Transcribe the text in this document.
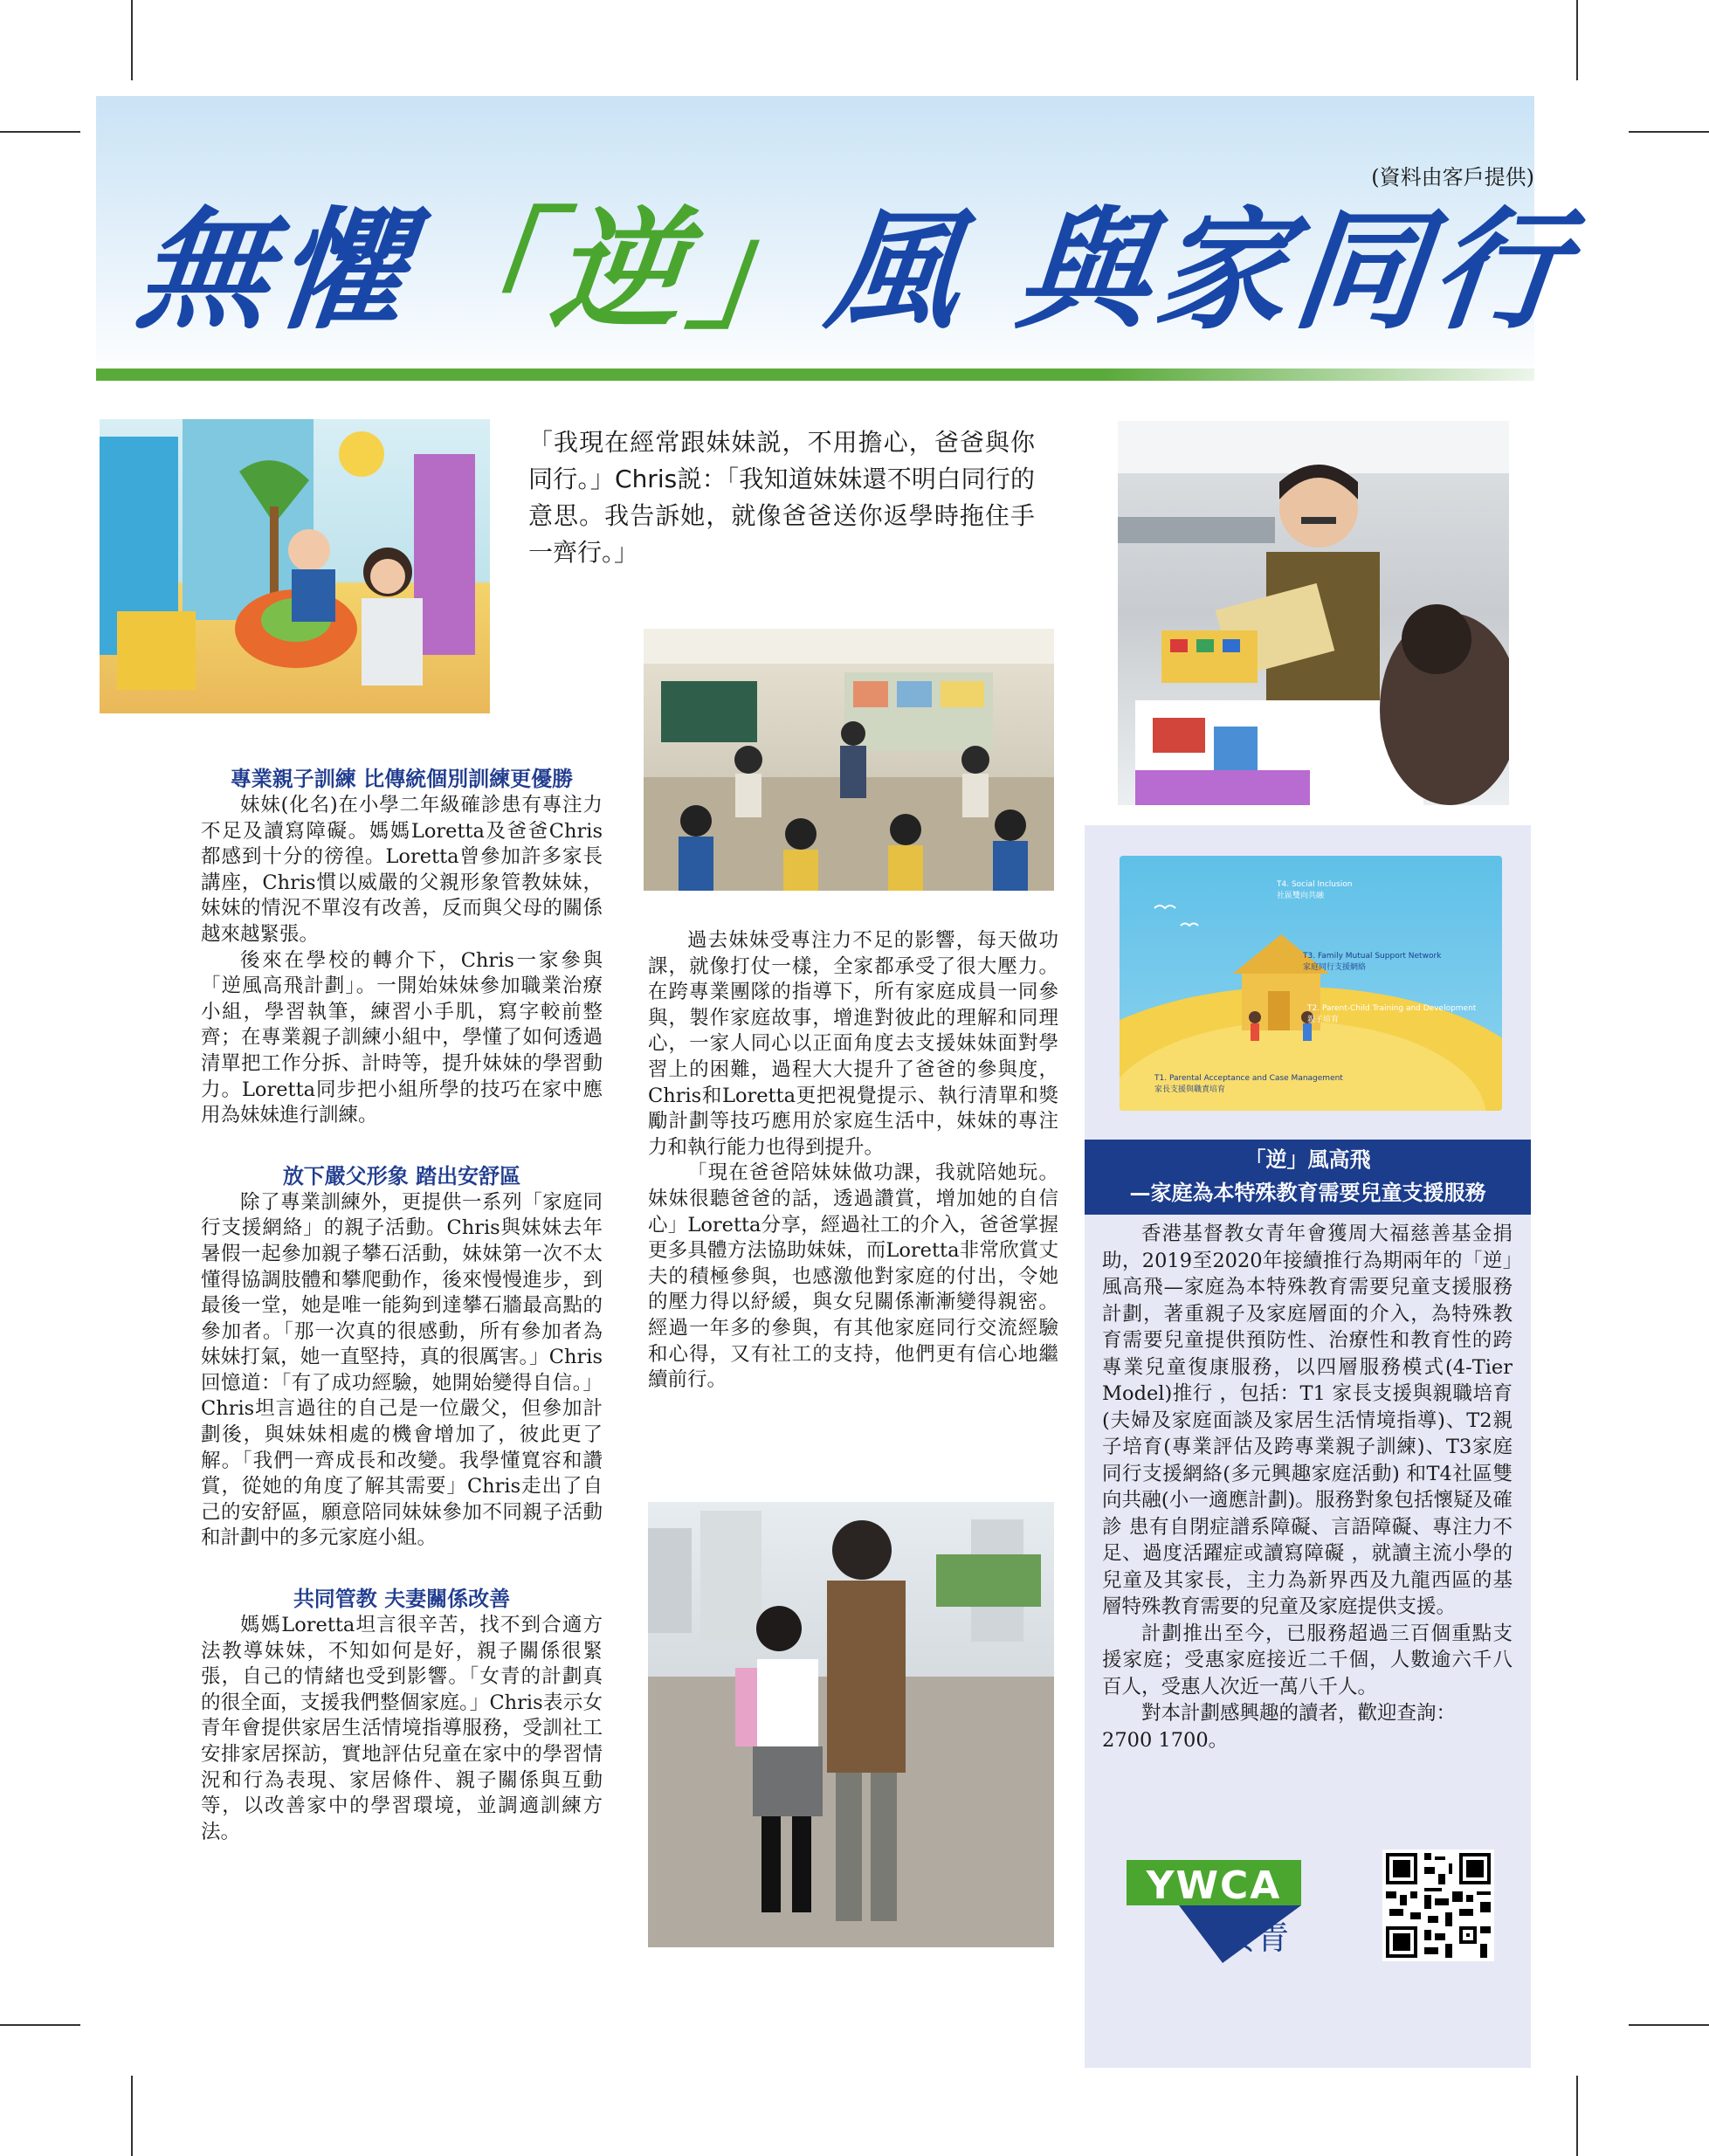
(資料由客戶提供)
無懼「逆」風 與家同行
「我現在經常跟妹妹説，不用擔心，爸爸與你同行。」Chris説：「我知道妹妹還不明白同行的意思。我告訴她，就像爸爸送你返學時拖住手一齊行。」
專業親子訓練 比傳統個別訓練更優勝

妹妹(化名)在小學二年級確診患有專注力不足及讀寫障礙。媽媽Loretta及爸爸Chris都感到十分的徬徨。Loretta曾參加許多家長講座，Chris慣以威嚴的父親形象管教妹妹，妹妹的情況不單沒有改善，反而與父母的關係越來越緊張。

後來在學校的轉介下，Chris一家參與「逆風高飛計劃」。一開始妹妹參加職業治療小組，學習執筆，練習小手肌，寫字較前整齊；在專業親子訓練小組中，學懂了如何透過清單把工作分拆、計時等，提升妹妹的學習動力。Loretta同步把小組所學的技巧在家中應用為妹妹進行訓練。

放下嚴父形象 踏出安舒區

除了專業訓練外，更提供一系列「家庭同行支援網絡」的親子活動。Chris與妹妹去年暑假一起參加親子攀石活動，妹妹第一次不太懂得協調肢體和攀爬動作，後來慢慢進步，到最後一堂，她是唯一能夠到達攀石牆最高點的參加者。「那一次真的很感動，所有參加者為妹妹打氣，她一直堅持，真的很厲害。」Chris回憶道：「有了成功經驗，她開始變得自信。」Chris坦言過往的自己是一位嚴父，但參加計劃後，與妹妹相處的機會增加了，彼此更了解。「我們一齊成長和改變。我學懂寬容和讚賞，從她的角度了解其需要」Chris走出了自己的安舒區，願意陪同妹妹參加不同親子活動和計劃中的多元家庭小組。

共同管教 夫妻關係改善

媽媽Loretta坦言很辛苦，找不到合適方法教導妹妹，不知如何是好，親子關係很緊張，自己的情緒也受到影響。「女青的計劃真的很全面，支援我們整個家庭。」Chris表示女青年會提供家居生活情境指導服務，受訓社工安排家居探訪，實地評估兒童在家中的學習情況和行為表現、家居條件、親子關係與互動等，以改善家中的學習環境，並調適訓練方法。

過去妹妹受專注力不足的影響，每天做功課，就像打仗一樣，全家都承受了很大壓力。在跨專業團隊的指導下，所有家庭成員一同參與，製作家庭故事，增進對彼此的理解和同理心，一家人同心以正面角度去支援妹妹面對學習上的困難，過程大大提升了爸爸的參與度，Chris和Loretta更把視覺提示、執行清單和獎勵計劃等技巧應用於家庭生活中，妹妹的專注力和執行能力也得到提升。

「現在爸爸陪妹妹做功課，我就陪她玩。妹妹很聽爸爸的話，透過讚賞，增加她的自信心」Loretta分享，經過社工的介入，爸爸掌握更多具體方法協助妹妹，而Loretta非常欣賞丈夫的積極參與，也感激他對家庭的付出，令她的壓力得以紓緩，與女兒關係漸漸變得親密。經過一年多的參與，有其他家庭同行交流經驗和心得，又有社工的支持，他們更有信心地繼續前行。

T4. Social Inclusion
社區雙向共融
T3. Family Mutual Support Network
家庭同行支援網絡
T2. Parent-Child Training and Development
親子培育
T1. Parental Acceptance and Case Management
家長支援與職責培育
「逆」風高飛
—家庭為本特殊教育需要兒童支援服務

香港基督教女青年會獲周大福慈善基金捐助，2019至2020年接續推行為期兩年的「逆」風高飛—家庭為本特殊教育需要兒童支援服務計劃，著重親子及家庭層面的介入，為特殊教育需要兒童提供預防性、治療性和教育性的跨專業兒童復康服務，以四層服務模式(4-Tier Model)推行 ，包括：T1 家長支援與親職培育(夫婦及家庭面談及家居生活情境指導)、T2親子培育(專業評估及跨專業親子訓練)、T3家庭同行支援網絡(多元興趣家庭活動) 和T4社區雙向共融(小一適應計劃)。服務對象包括懷疑及確診 患有自閉症譜系障礙、言語障礙、專注力不足、過度活躍症或讀寫障礙 ，就讀主流小學的兒童及其家長，主力為新界西及九龍西區的基層特殊教育需要的兒童及家庭提供支援。

計劃推出至今，已服務超過三百個重點支援家庭；受惠家庭接近二千個，人數逾六千八百人，受惠人次近一萬八千人。

對本計劃感興趣的讀者，歡迎查詢：

2700 1700。

YWCA
女青
